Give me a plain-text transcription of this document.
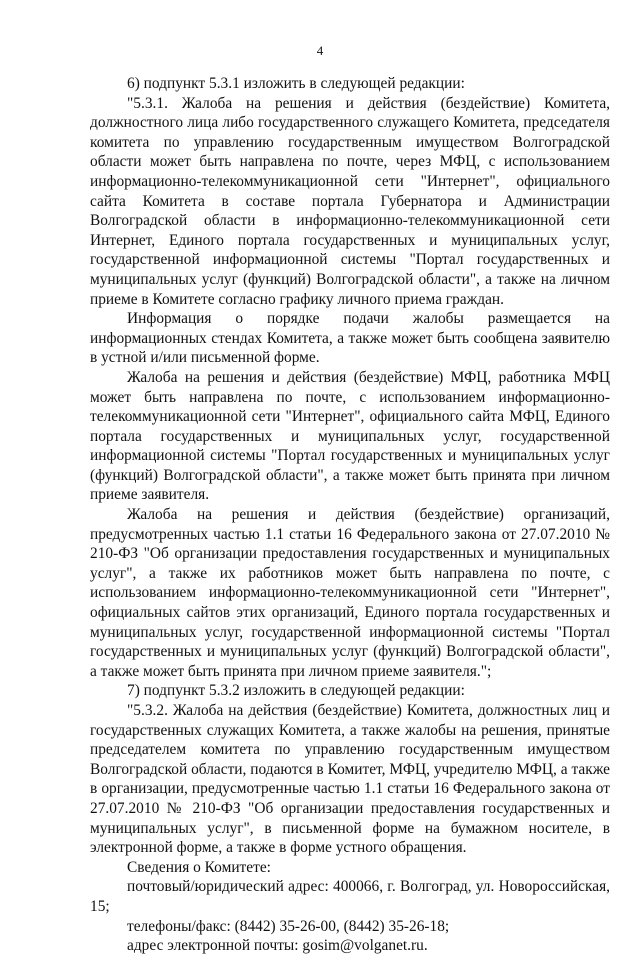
4

6) подпункт 5.3.1 изложить в следующей редакции:

"5.3.1. Жалоба на решения и действия (бездействие) Комитета, должностного лица либо государственного служащего Комитета, председателя комитета по управлению государственным имуществом Волгоградской области может быть направлена по почте, через МФЦ, с использованием информационно-телекоммуникационной сети "Интернет", официального сайта Комитета в составе портала Губернатора и Администрации Волгоградской области в информационно-телекоммуникационной сети Интернет, Единого портала государственных и муниципальных услуг, государственной информационной системы "Портал государственных и муниципальных услуг (функций) Волгоградской области", а также на личном приеме в Комитете согласно графику личного приема граждан.

Информация о порядке подачи жалобы размещается на информационных стендах Комитета, а также может быть сообщена заявителю в устной и/или письменной форме.

Жалоба на решения и действия (бездействие) МФЦ, работника МФЦ может быть направлена по почте, с использованием информационно-телекоммуникационной сети "Интернет", официального сайта МФЦ, Единого портала государственных и муниципальных услуг, государственной информационной системы "Портал государственных и муниципальных услуг (функций) Волгоградской области", а также может быть принята при личном приеме заявителя.

Жалоба на решения и действия (бездействие) организаций, предусмотренных частью 1.1 статьи 16 Федерального закона от 27.07.2010 № 210-ФЗ "Об организации предоставления государственных и муниципальных услуг", а также их работников может быть направлена по почте, с использованием информационно-телекоммуникационной сети "Интернет", официальных сайтов этих организаций, Единого портала государственных и муниципальных услуг, государственной информационной системы "Портал государственных и муниципальных услуг (функций) Волгоградской области", а также может быть принята при личном приеме заявителя.";

7) подпункт 5.3.2 изложить в следующей редакции:

"5.3.2. Жалоба на действия (бездействие) Комитета, должностных лиц и государственных служащих Комитета, а также жалобы на решения, принятые председателем комитета по управлению государственным имуществом Волгоградской области, подаются в Комитет, МФЦ, учредителю МФЦ, а также в организации, предусмотренные частью 1.1 статьи 16 Федерального закона от 27.07.2010 № 210-ФЗ "Об организации предоставления государственных и муниципальных услуг", в письменной форме на бумажном носителе, в электронной форме, а также в форме устного обращения.

Сведения о Комитете:

почтовый/юридический адрес: 400066, г. Волгоград, ул. Новороссийская, 15;

телефоны/факс: (8442) 35-26-00, (8442) 35-26-18;

адрес электронной почты: gosim@volganet.ru.
